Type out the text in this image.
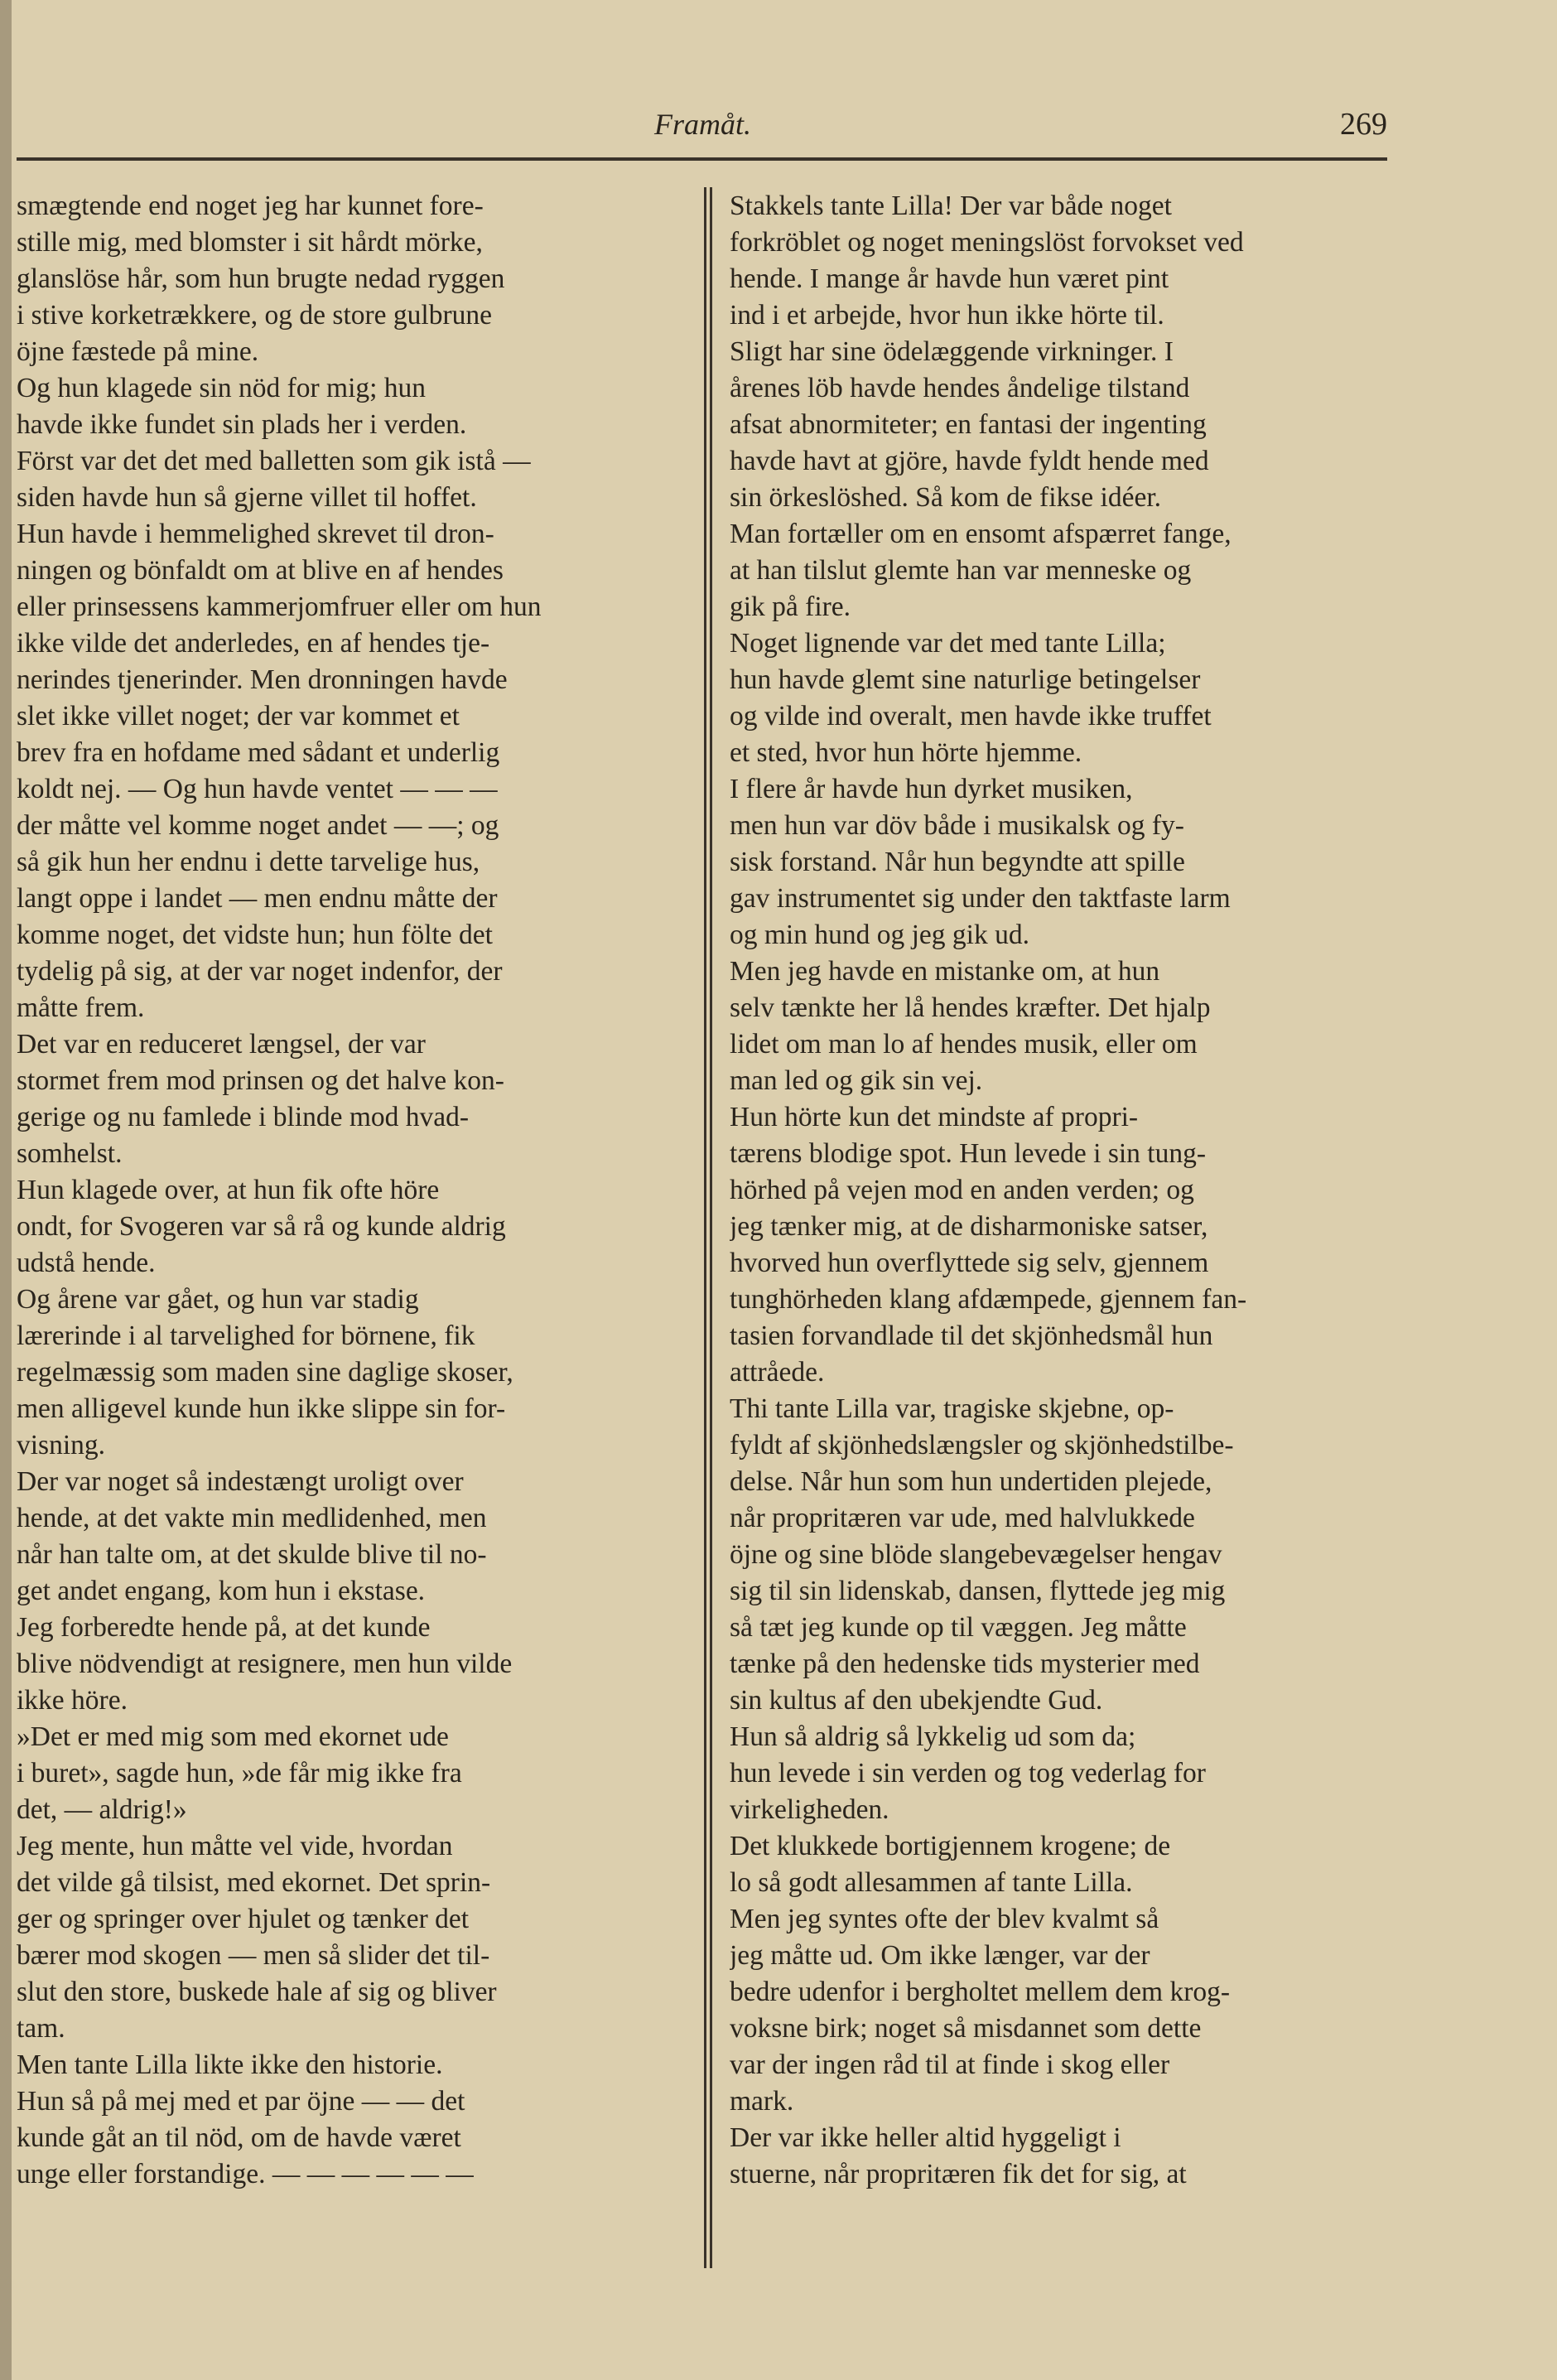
Framåt.	269
smægtende end noget jeg har kunnet fore-
stille mig, med blomster i sit hårdt mörke,
glanslöse hår, som hun brugte nedad ryggen
i stive korketrækkere, og de store gulbrune
öjne fæstede på mine.
Og hun klagede sin nöd for mig; hun
havde ikke fundet sin plads her i verden.
Först var det det med balletten som gik istå —
siden havde hun så gjerne villet til hoffet.
Hun havde i hemmelighed skrevet til dron-
ningen og bönfaldt om at blive en af hendes
eller prinsessens kammerjomfruer eller om hun
ikke vilde det anderledes, en af hendes tje-
nerindes tjenerinder. Men dronningen havde
slet ikke villet noget; der var kommet et
brev fra en hofdame med sådant et underlig
koldt nej. — Og hun havde ventet — — —
der måtte vel komme noget andet — —; og
så gik hun her endnu i dette tarvelige hus,
langt oppe i landet — men endnu måtte der
komme noget, det vidste hun; hun fölte det
tydelig på sig, at der var noget indenfor, der
måtte frem.
Det var en reduceret længsel, der var
stormet frem mod prinsen og det halve kon-
gerige og nu famlede i blinde mod hvad-
somhelst.
Hun klagede over, at hun fik ofte höre
ondt, for Svogeren var så rå og kunde aldrig
udstå hende.
Og årene var gået, og hun var stadig
lærerinde i al tarvelighed for börnene, fik
regelmæssig som maden sine daglige skoser,
men alligevel kunde hun ikke slippe sin for-
visning.
Der var noget så indestængt uroligt over
hende, at det vakte min medlidenhed, men
når han talte om, at det skulde blive til no-
get andet engang, kom hun i ekstase.
Jeg forberedte hende på, at det kunde
blive nödvendigt at resignere, men hun vilde
ikke höre.
»Det er med mig som med ekornet ude
i buret», sagde hun, »de får mig ikke fra
det, — aldrig!»
Jeg mente, hun måtte vel vide, hvordan
det vilde gå tilsist, med ekornet. Det sprin-
ger og springer over hjulet og tænker det
bærer mod skogen — men så slider det til-
slut den store, buskede hale af sig og bliver
tam.
Men tante Lilla likte ikke den historie.
Hun så på mej med et par öjne — — det
kunde gåt an til nöd, om de havde været
unge eller forstandige. — — — — — —
Stakkels tante Lilla! Der var både noget
forkröblet og noget meningslöst forvokset ved
hende. I mange år havde hun været pint
ind i et arbejde, hvor hun ikke hörte til.
Sligt har sine ödelæggende virkninger. I
årenes löb havde hendes åndelige tilstand
afsat abnormiteter; en fantasi der ingenting
havde havt at gjöre, havde fyldt hende med
sin örkeslöshed. Så kom de fikse idéer.
Man fortæller om en ensomt afspærret fange,
at han tilslut glemte han var menneske og
gik på fire.
Noget lignende var det med tante Lilla;
hun havde glemt sine naturlige betingelser
og vilde ind overalt, men havde ikke truffet
et sted, hvor hun hörte hjemme.
I flere år havde hun dyrket musiken,
men hun var döv både i musikalsk og fy-
sisk forstand. Når hun begyndte att spille
gav instrumentet sig under den taktfaste larm
og min hund og jeg gik ud.
Men jeg havde en mistanke om, at hun
selv tænkte her lå hendes kræfter. Det hjalp
lidet om man lo af hendes musik, eller om
man led og gik sin vej.
Hun hörte kun det mindste af propri-
tærens blodige spot. Hun levede i sin tung-
hörhed på vejen mod en anden verden; og
jeg tænker mig, at de disharmoniske satser,
hvorved hun overflyttede sig selv, gjennem
tunghörheden klang afdæmpede, gjennem fan-
tasien forvandlade til det skjönhedsmål hun
attråede.
Thi tante Lilla var, tragiske skjebne, op-
fyldt af skjönhedslængsler og skjönhedstilbe-
delse. Når hun som hun undertiden plejede,
når propritæren var ude, med halvlukkede
öjne og sine blöde slangebevægelser hengav
sig til sin lidenskab, dansen, flyttede jeg mig
så tæt jeg kunde op til væggen. Jeg måtte
tænke på den hedenske tids mysterier med
sin kultus af den ubekjendte Gud.
Hun så aldrig så lykkelig ud som da;
hun levede i sin verden og tog vederlag for
virkeligheden.
Det klukkede bortigjennem krogene; de
lo så godt allesammen af tante Lilla.
Men jeg syntes ofte der blev kvalmt så
jeg måtte ud. Om ikke længer, var der
bedre udenfor i bergholtet mellem dem krog-
voksne birk; noget så misdannet som dette
var der ingen råd til at finde i skog eller
mark.
Der var ikke heller altid hyggeligt i
stuerne, når propritæren fik det for sig, at
